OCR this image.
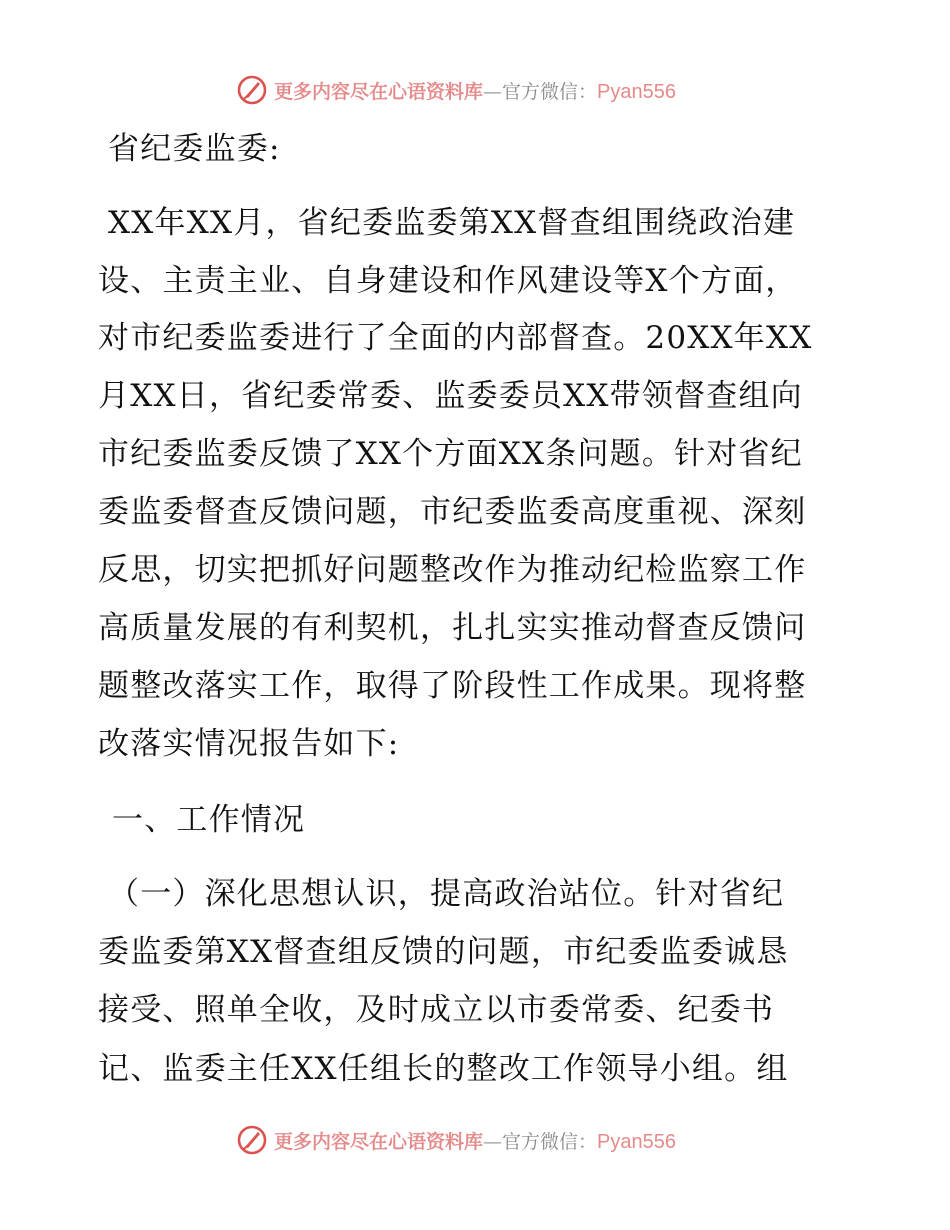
更多内容尽在心语资料库—官方微信：Pyan556
省纪委监委:
XX年XX月，省纪委监委第XX督查组围绕政治建
设、主责主业、自身建设和作风建设等X个方面，
对市纪委监委进行了全面的内部督查。20XX年XX
月XX日，省纪委常委、监委委员XX带领督查组向
市纪委监委反馈了XX个方面XX条问题。针对省纪
委监委督查反馈问题，市纪委监委高度重视、深刻
反思，切实把抓好问题整改作为推动纪检监察工作
高质量发展的有利契机，扎扎实实推动督查反馈问
题整改落实工作，取得了阶段性工作成果。现将整
改落实情况报告如下:
一、工作情况
（一）深化思想认识，提高政治站位。针对省纪
委监委第XX督查组反馈的问题，市纪委监委诚恳
接受、照单全收，及时成立以市委常委、纪委书
记、监委主任XX任组长的整改工作领导小组。组
更多内容尽在心语资料库—官方微信：Pyan556
